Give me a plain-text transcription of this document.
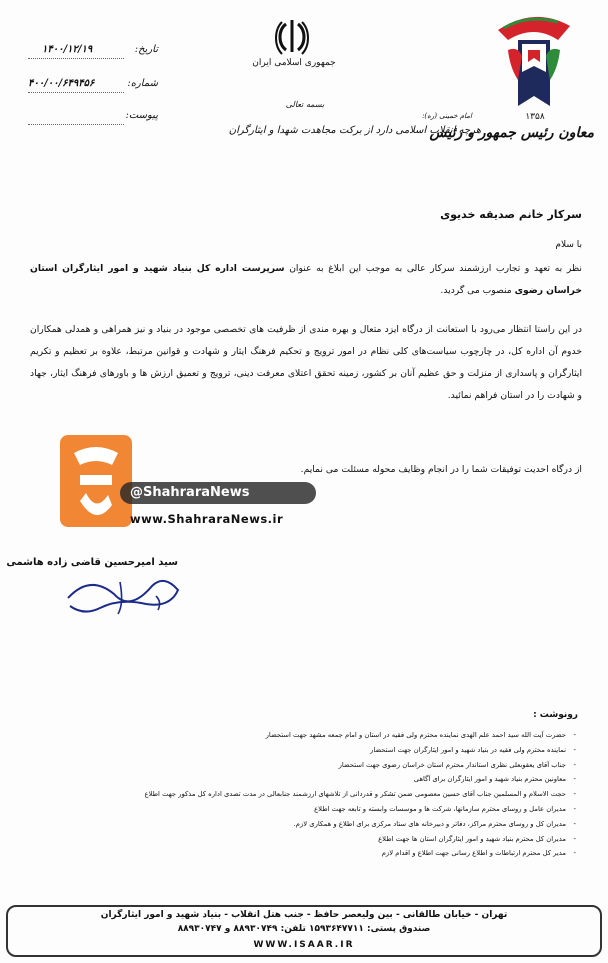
۱۳۵۸
معاون رئیس جمهور و رئیس
جمهوری اسلامی ایران
بسمه تعالی
امام خمینی (ره):
هرچه انقلاب اسلامی دارد از برکت مجاهدت شهدا و ایثارگران
تاریخ:
۱۴۰۰/۱۲/۱۹
شماره:
۴۰۰/۰۰/۶۴۹۴۵۶
پیوست:
سرکار خانم صدیقه خدیوی
با سلام
نظر به تعهد و تجارب ارزشمند سرکار عالی به موجب این ابلاغ به عنوان سرپرست اداره کل بنیاد شهید و امور ایثارگران استان خراسان رضوی منصوب می گردید.
در این راستا انتظار می‌رود با استعانت از درگاه ایزد متعال و بهره مندی از ظرفیت های تخصصی موجود در بنیاد و نیز همراهی و همدلی همکاران خدوم آن اداره کل، در چارچوب سیاست‌های کلی نظام در امور ترویج و تحکیم فرهنگ ایثار و شهادت و قوانین مرتبط، علاوه بر تعظیم و تکریم ایثارگران و پاسداری از منزلت و حق عظیم آنان بر کشور، زمینه تحقق اعتلای معرفت دینی، ترویج و تعمیق ارزش ها و باورهای فرهنگ ایثار، جهاد و شهادت را در استان فراهم نمائید.
از درگاه احدیت توفیقات شما را در انجام وظایف محوله مسئلت می نمایم.
@ShahraraNews
www.ShahraraNews.ir
سید امیرحسین قاضی زاده هاشمی
رونوشت :
- حضرت آیت الله سید احمد علم الهدی نماینده محترم ولی فقیه در استان و امام جمعه مشهد جهت استحضار
- نماینده محترم ولی فقیه در بنیاد شهید و امور ایثارگران جهت استحضار
- جناب آقای یعقوبعلی نظری استاندار محترم استان خراسان رضوی جهت استحضار
- معاونین محترم بنیاد شهید و امور ایثارگران برای آگاهی
- حجت الاسلام و المسلمین جناب آقای حسین معصومی ضمن تشکر و قدردانی از تلاشهای ارزشمند جنابعالی در مدت تصدی اداره کل مذکور جهت اطلاع
- مدیران عامل و روسای محترم سازمانها، شرکت ها و موسسات وابسته و تابعه جهت اطلاع
- مدیران کل و روسای محترم مراکز، دفاتر و دبیرخانه های ستاد مرکزی برای اطلاع و همکاری لازم.
- مدیران کل محترم بنیاد شهید و امور ایثارگران استان ها جهت اطلاع
- مدیر کل محترم ارتباطات و اطلاع رسانی جهت اطلاع و اقدام لازم
تهران - خیابان طالقانی - بین ولیعصر حافظ - جنب هتل انقلاب - بنیاد شهید و امور ایثارگران
صندوق پستی: ۱۵۹۳۶۴۷۷۱۱ تلفن: ۸۸۹۳۰۷۴۹ و ۸۸۹۳۰۷۴۷
WWW.ISAAR.IR
